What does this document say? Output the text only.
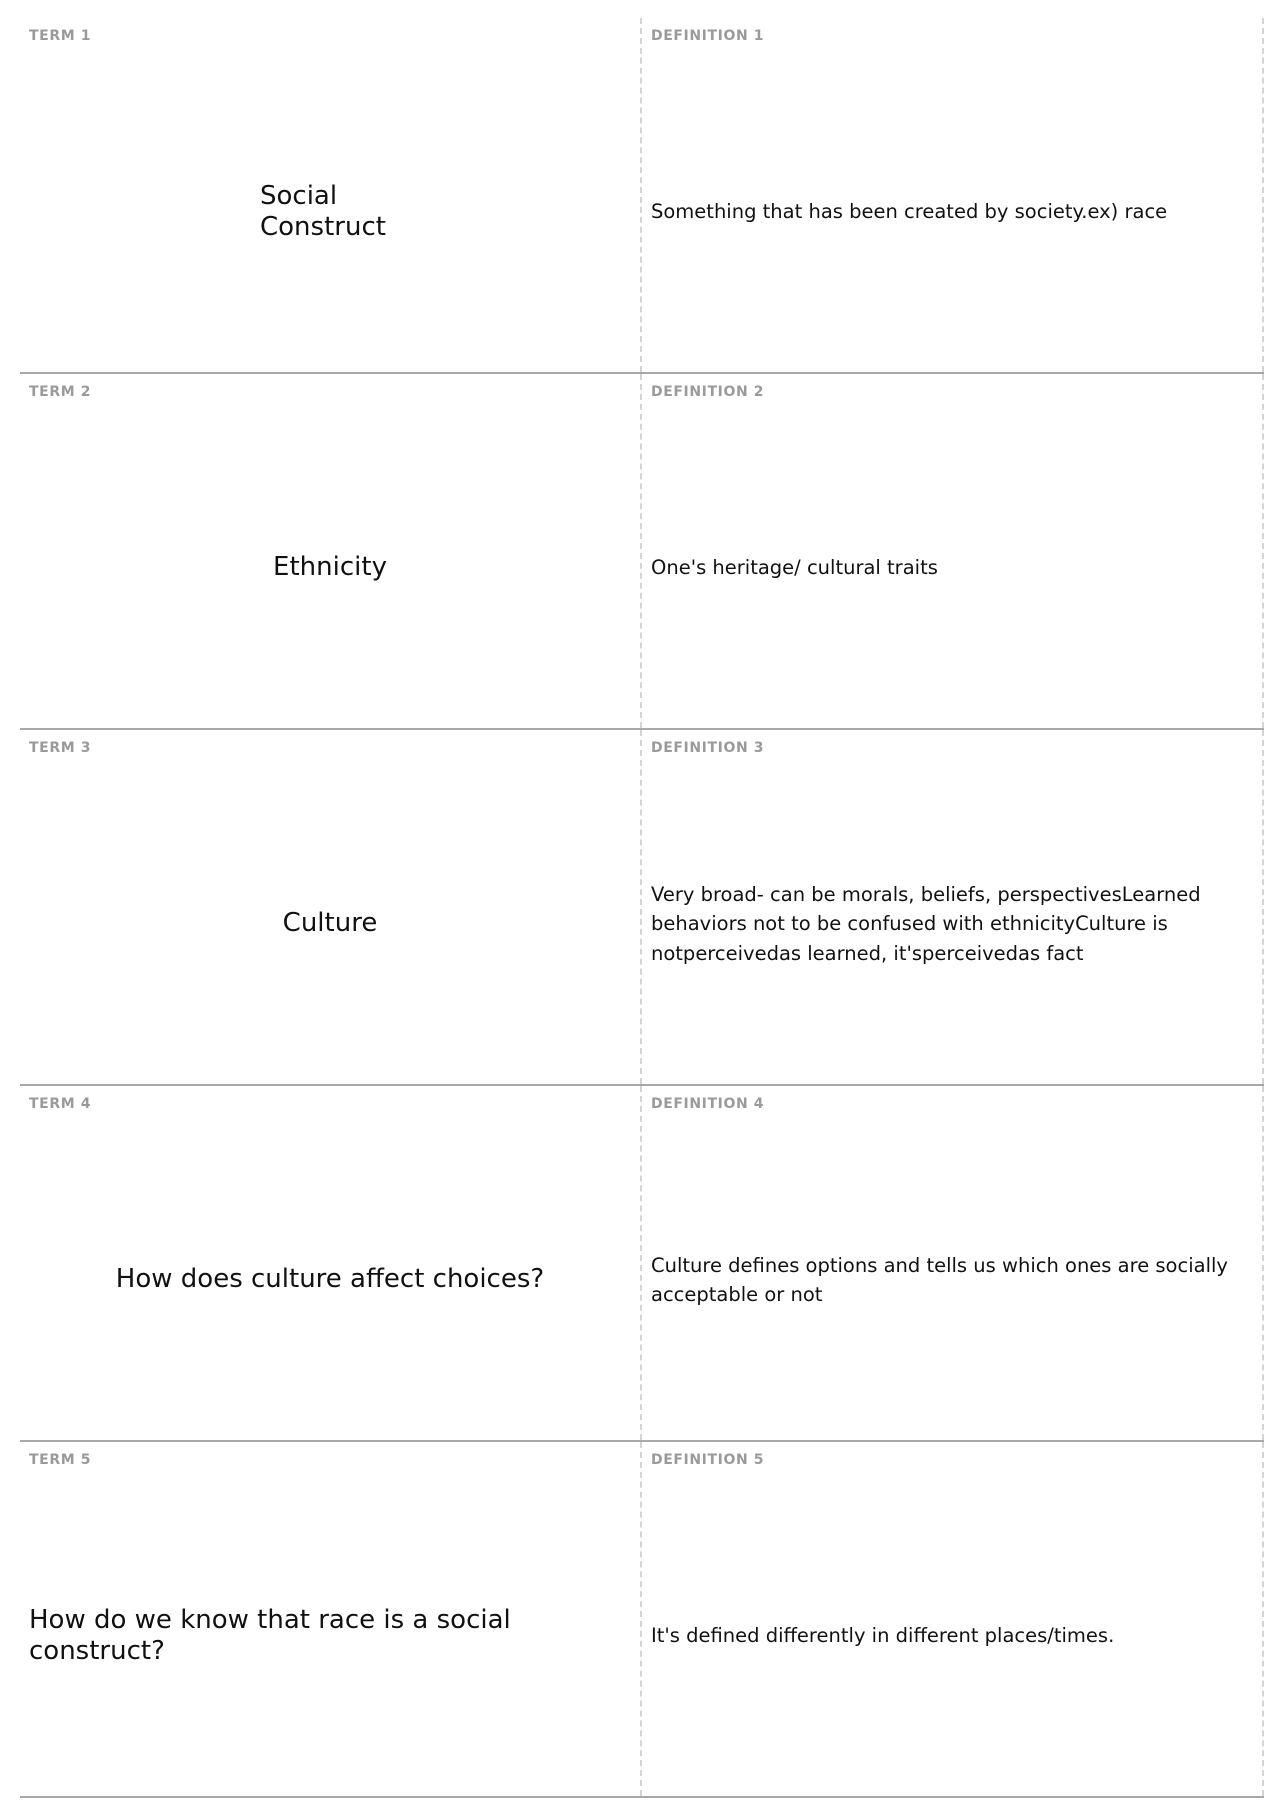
TERM 1
Social Construct
DEFINITION 1
Something that has been created by society.ex) race
TERM 2
Ethnicity
DEFINITION 2
One's heritage/ cultural traits
TERM 3
Culture
DEFINITION 3
Very broad- can be morals, beliefs, perspectivesLearned behaviors not to be confused with ethnicityCulture is notperceivedas learned, it'sperceivedas fact
TERM 4
How does culture affect choices?
DEFINITION 4
Culture defines options and tells us which ones are socially acceptable or not
TERM 5
How do we know that race is a social construct?
DEFINITION 5
It's defined differently in different places/times.
